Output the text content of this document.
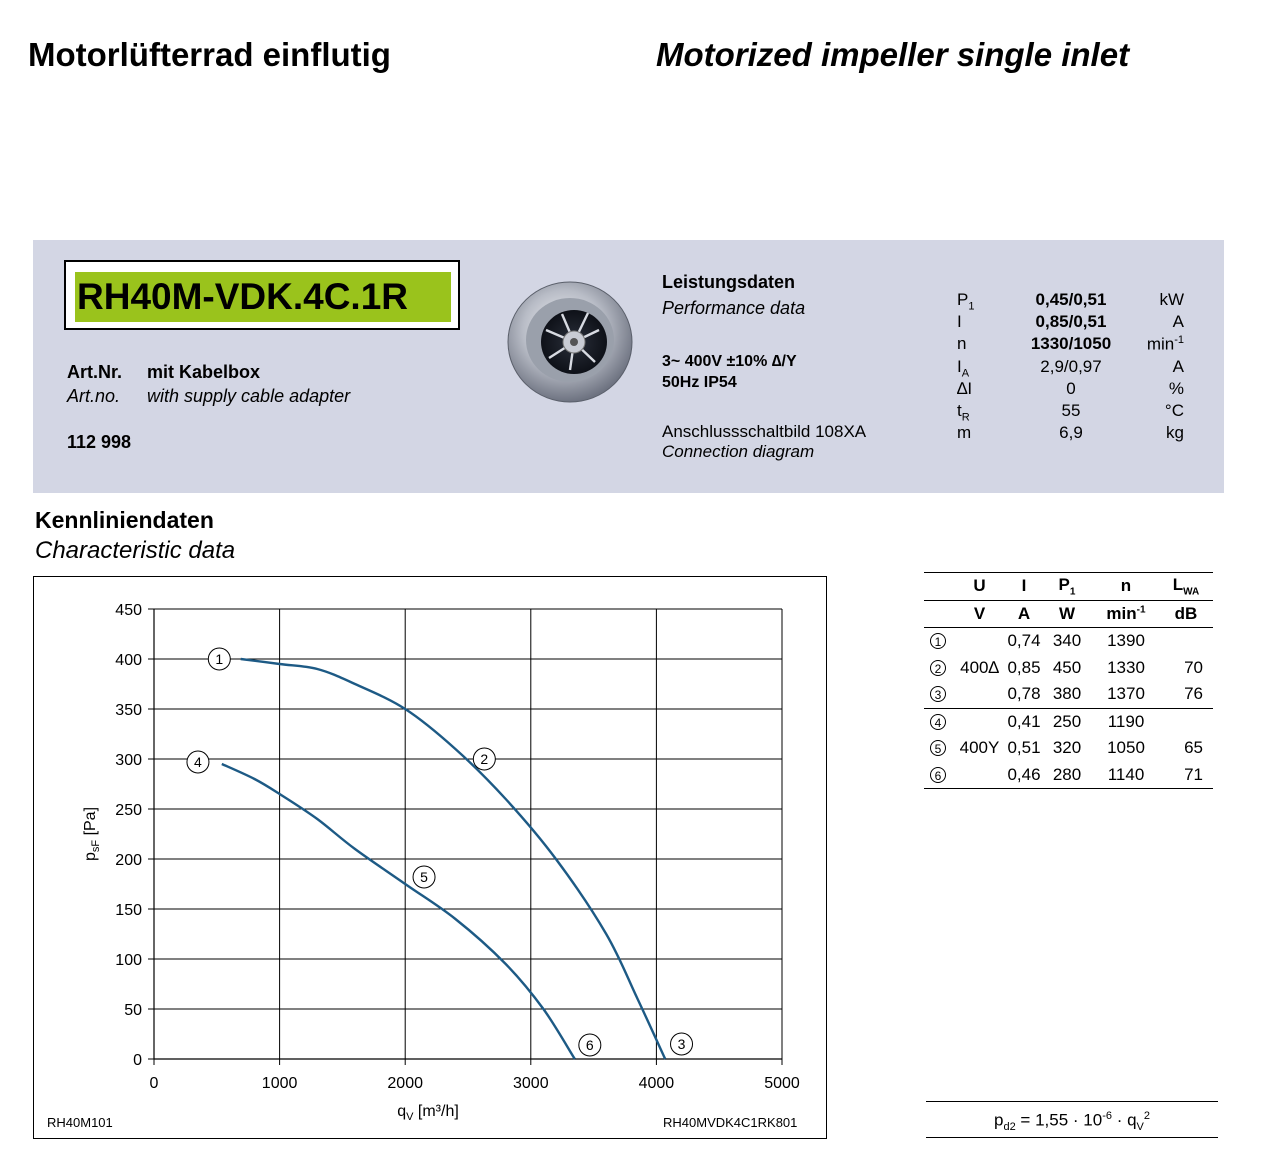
Motorlüfterrad einflutig	Motorized impeller single inlet
RH40M-VDK.4C.1R
Art.Nr. mit Kabelbox
Art.no. with supply cable adapter
112 998
Leistungsdaten
Performance data
3~ 400V ±10% ∆/Y
50Hz IP54
Anschlussschaltbild 108XA
Connection diagram
$P_1$	0,45/0,51	kW
I	0,85/0,51	A
n	1330/1050	$\min^{-1}$
$I_A$	2,9/0,97	A
∆I	0	%
$t_R$	55	°C
m	6,9	kg
Kennliniendaten
Characteristic data
0	1000	2000	3000	4000	5000
0
50
100
150
200
250
300
350
400
450
$q_V$ [m³/h]
$p_{sF}$ [Pa]
1
2
3
4
5
6
RH40M101	RH40MVDK4C1RK801
	U	I	$P_1$	n	$L_{WA}$
	V	A	W	$\min^{-1}$	dB
1		0,74	340	1390	
2	400∆	0,85	450	1330	70
3		0,78	380	1370	76
4		0,41	250	1190	
5	400Y	0,51	320	1050	65
6		0,46	280	1140	71
$p_{d2} = 1,55 \cdot 10^{-6} \cdot q_V^2$
